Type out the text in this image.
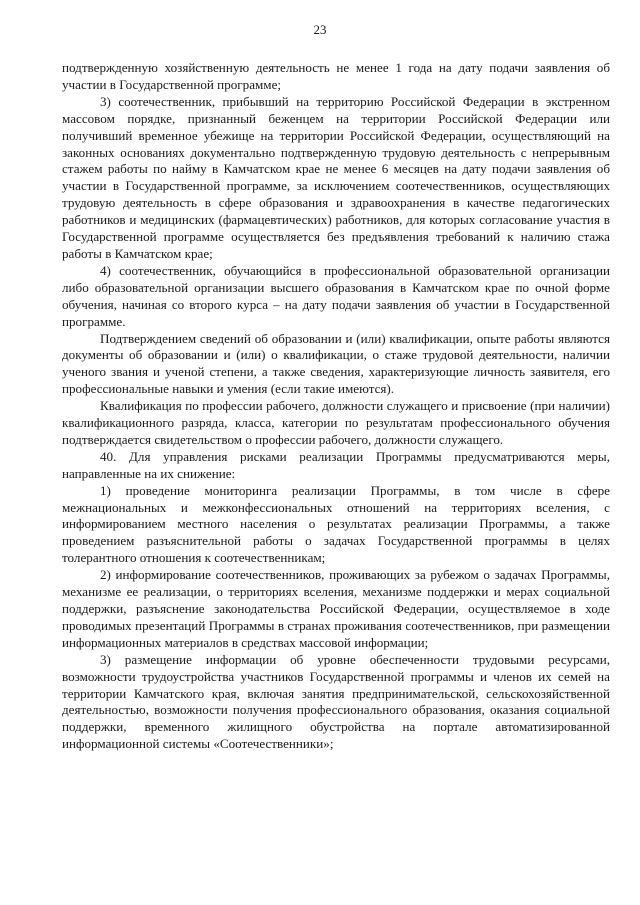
23

подтвержденную хозяйственную деятельность не менее 1 года на дату подачи заявления об участии в Государственной программе;

3) соотечественник, прибывший на территорию Российской Федерации в экстренном массовом порядке, признанный беженцем на территории Российской Федерации или получивший временное убежище на территории Российской Федерации, осуществляющий на законных основаниях документально подтвержденную трудовую деятельность с непрерывным стажем работы по найму в Камчатском крае не менее 6 месяцев на дату подачи заявления об участии в Государственной программе, за исключением соотечественников, осуществляющих трудовую деятельность в сфере образования и здравоохранения в качестве педагогических работников и медицинских (фармацевтических) работников, для которых согласование участия в Государственной программе осуществляется без предъявления требований к наличию стажа работы в Камчатском крае;

4) соотечественник, обучающийся в профессиональной образовательной организации либо образовательной организации высшего образования в Камчатском крае по очной форме обучения, начиная со второго курса – на дату подачи заявления об участии в Государственной программе.

Подтверждением сведений об образовании и (или) квалификации, опыте работы являются документы об образовании и (или) о квалификации, о стаже трудовой деятельности, наличии ученого звания и ученой степени, а также сведения, характеризующие личность заявителя, его профессиональные навыки и умения (если такие имеются).

Квалификация по профессии рабочего, должности служащего и присвоение (при наличии) квалификационного разряда, класса, категории по результатам профессионального обучения подтверждается свидетельством о профессии рабочего, должности служащего.

40. Для управления рисками реализации Программы предусматриваются меры, направленные на их снижение:

1) проведение мониторинга реализации Программы, в том числе в сфере межнациональных и межконфессиональных отношений на территориях вселения, с информированием местного населения о результатах реализации Программы, а также проведением разъяснительной работы о задачах Государственной программы в целях толерантного отношения к соотечественникам;

2) информирование соотечественников, проживающих за рубежом о задачах Программы, механизме ее реализации, о территориях вселения, механизме поддержки и мерах социальной поддержки, разъяснение законодательства Российской Федерации, осуществляемое в ходе проводимых презентаций Программы в странах проживания соотечественников, при размещении информационных материалов в средствах массовой информации;

3) размещение информации об уровне обеспеченности трудовыми ресурсами, возможности трудоустройства участников Государственной программы и членов их семей на территории Камчатского края, включая занятия предпринимательской, сельскохозяйственной деятельностью, возможности получения профессионального образования, оказания социальной поддержки, временного жилищного обустройства на портале автоматизированной информационной системы «Соотечественники»;
